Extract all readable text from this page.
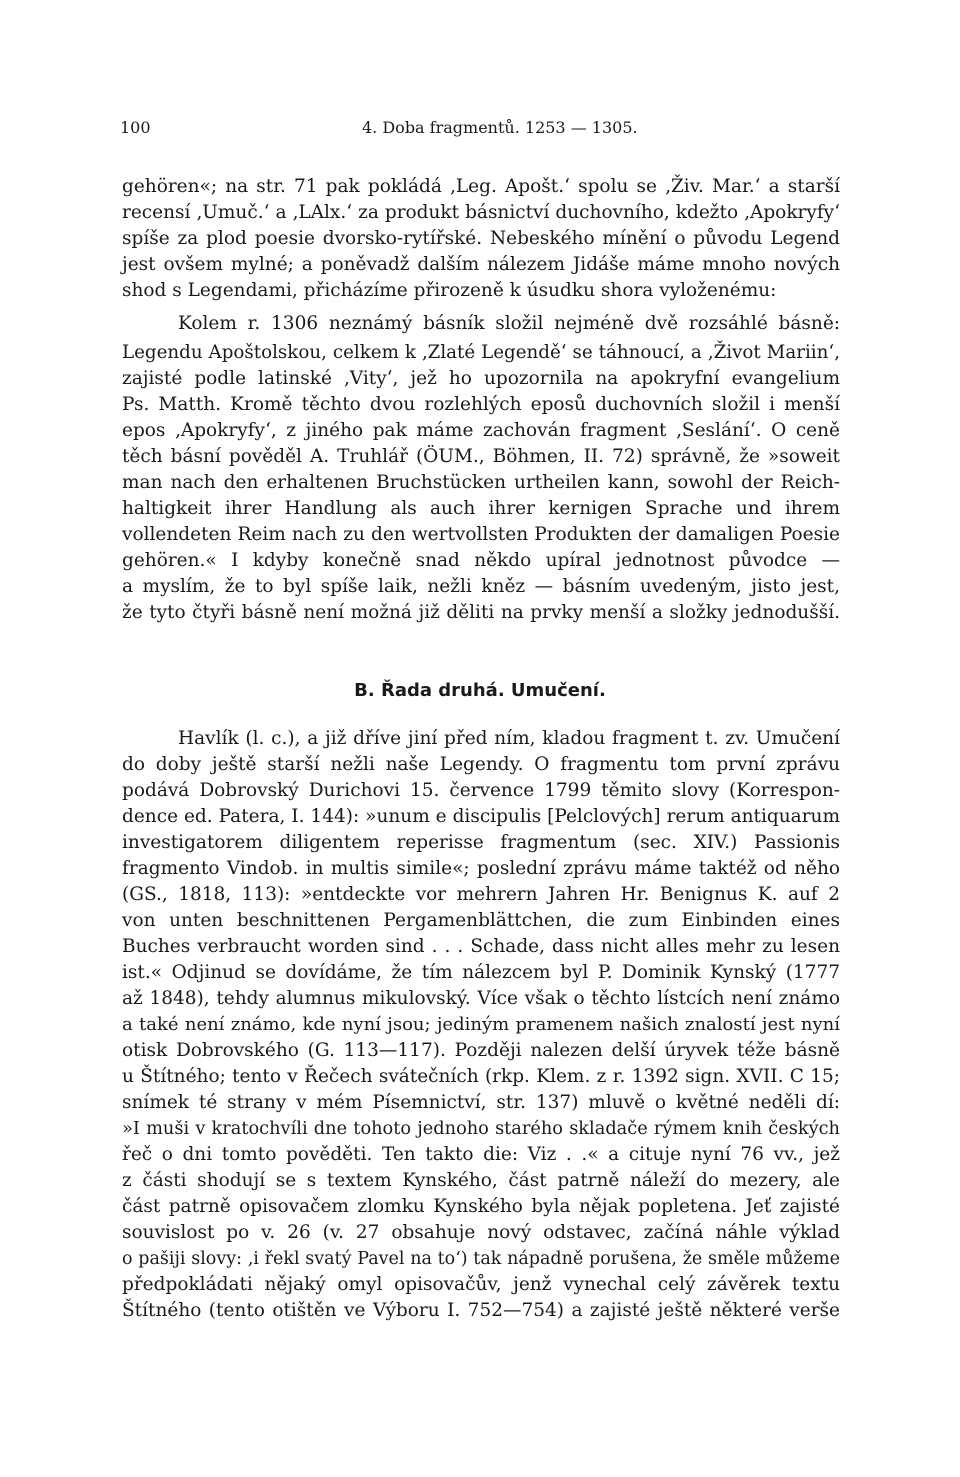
100	4. Doba fragmentů. 1253 — 1305.
gehören«; na str. 71 pak pokládá ‚Leg. Apošt.‘ spolu se ‚Živ. Mar.‘ a starší
recensí ‚Umuč.‘ a ‚LAlx.‘ za produkt básnictví duchovního, kdežto ‚Apokryfy‘
spíše za plod poesie dvorsko-rytířské. Nebeského mínění o původu Legend
jest ovšem mylné; a poněvadž dalším nálezem Jidáše máme mnoho nových
shod s Legendami, přicházíme přirozeně k úsudku shora vyloženému:
Kolem r. 1306 neznámý básník složil nejméně dvě rozsáhlé básně:
Legendu Apoštolskou, celkem k ‚Zlaté Legendě‘ se táhnoucí, a ‚Život Mariin‘,
zajisté podle latinské ‚Vity‘, jež ho upozornila na apokryfní evangelium
Ps. Matth. Kromě těchto dvou rozlehlých eposů duchovních složil i menší
epos ‚Apokryfy‘, z jiného pak máme zachován fragment ‚Seslání‘. O ceně
těch básní pověděl A. Truhlář (ÖUM., Böhmen, II. 72) správně, že »soweit
man nach den erhaltenen Bruchstücken urtheilen kann, sowohl der Reich-
haltigkeit ihrer Handlung als auch ihrer kernigen Sprache und ihrem
vollendeten Reim nach zu den wertvollsten Produkten der damaligen Poesie
gehören.« I kdyby konečně snad někdo upíral jednotnost původce —
a myslím, že to byl spíše laik, nežli kněz — básním uvedeným, jisto jest,
že tyto čtyři básně není možná již děliti na prvky menší a složky jednodušší.
B. Řada druhá. Umučení.
Havlík (l. c.), a již dříve jiní před ním, kladou fragment t. zv. Umučení
do doby ještě starší nežli naše Legendy. O fragmentu tom první zprávu
podává Dobrovský Durichovi 15. července 1799 těmito slovy (Korrespon-
dence ed. Patera, I. 144): »unum e discipulis [Pelclových] rerum antiquarum
investigatorem diligentem reperisse fragmentum (sec. XIV.) Passionis
fragmento Vindob. in multis simile«; poslední zprávu máme taktéž od něho
(GS., 1818, 113): »entdeckte vor mehrern Jahren Hr. Benignus K. auf 2
von unten beschnittenen Pergamenblättchen, die zum Einbinden eines
Buches verbraucht worden sind . . . Schade, dass nicht alles mehr zu lesen
ist.« Odjinud se dovídáme, že tím nálezcem byl P. Dominik Kynský (1777
až 1848), tehdy alumnus mikulovský. Více však o těchto lístcích není známo
a také není známo, kde nyní jsou; jediným pramenem našich znalostí jest nyní
otisk Dobrovského (G. 113—117). Později nalezen delší úryvek téže básně
u Štítného; tento v Řečech svátečních (rkp. Klem. z r. 1392 sign. XVII. C 15;
snímek té strany v mém Písemnictví, str. 137) mluvě o květné neděli dí:
»I muši v kratochvíli dne tohoto jednoho starého skladače rýmem knih českých
řeč o dni tomto pověděti. Ten takto die: Viz . .« a cituje nyní 76 vv., jež
z části shodují se s textem Kynského, část patrně náleží do mezery, ale
část patrně opisovačem zlomku Kynského byla nějak popletena. Jeť zajisté
souvislost po v. 26 (v. 27 obsahuje nový odstavec, začíná náhle výklad
o pašiji slovy: ‚i řekl svatý Pavel na to‘) tak nápadně porušena, že směle můžeme
předpokládati nějaký omyl opisovačův, jenž vynechal celý závěrek textu
Štítného (tento otištěn ve Výboru I. 752—754) a zajisté ještě některé verše
